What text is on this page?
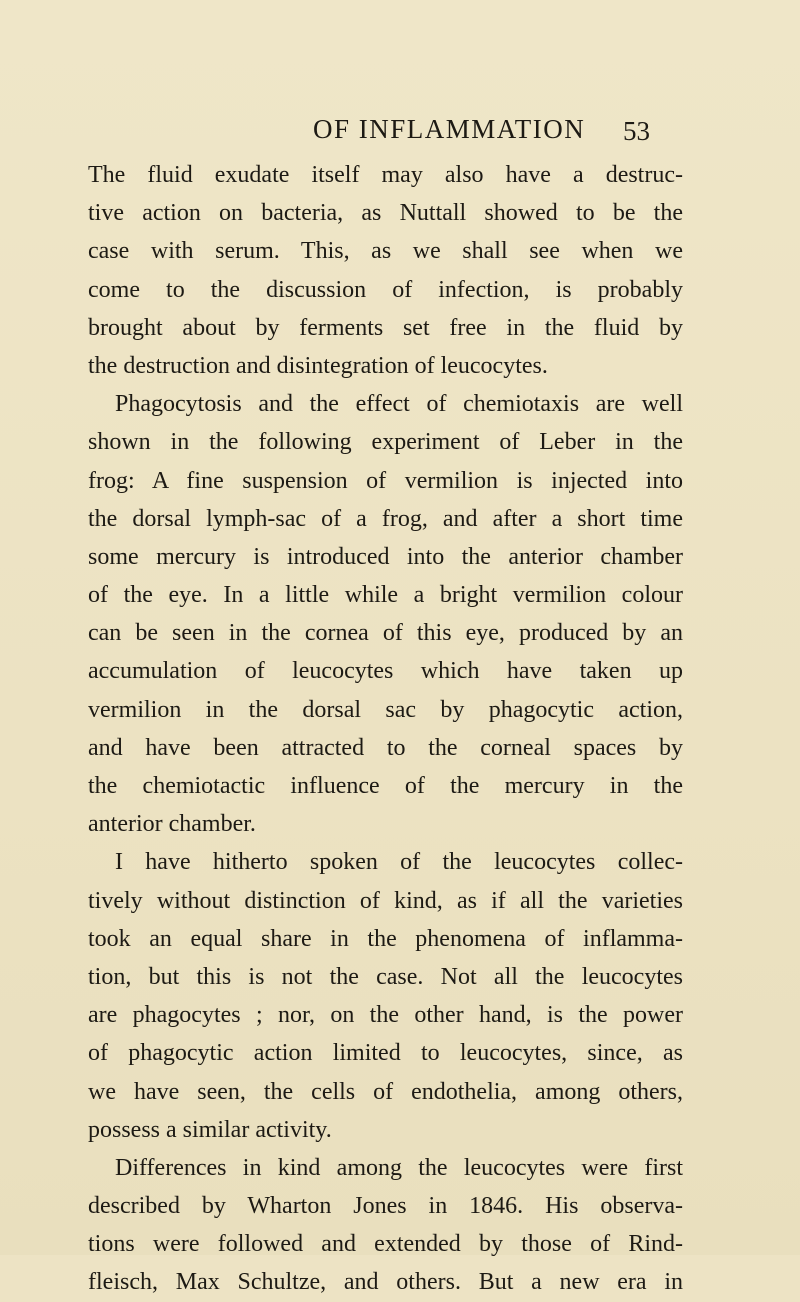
OF INFLAMMATION 53
The fluid exudate itself may also have a destruc-
tive action on bacteria, as Nuttall showed to be the
case with serum. This, as we shall see when we
come to the discussion of infection, is probably
brought about by ferments set free in the fluid by
the destruction and disintegration of leucocytes.
Phagocytosis and the effect of chemiotaxis are well
shown in the following experiment of Leber in the
frog: A fine suspension of vermilion is injected into
the dorsal lymph-sac of a frog, and after a short time
some mercury is introduced into the anterior chamber
of the eye. In a little while a bright vermilion colour
can be seen in the cornea of this eye, produced by an
accumulation of leucocytes which have taken up
vermilion in the dorsal sac by phagocytic action,
and have been attracted to the corneal spaces by
the chemiotactic influence of the mercury in the
anterior chamber.
I have hitherto spoken of the leucocytes collec-
tively without distinction of kind, as if all the varieties
took an equal share in the phenomena of inflamma-
tion, but this is not the case. Not all the leucocytes
are phagocytes ; nor, on the other hand, is the power
of phagocytic action limited to leucocytes, since, as
we have seen, the cells of endothelia, among others,
possess a similar activity.
Differences in kind among the leucocytes were first
described by Wharton Jones in 1846. His observa-
tions were followed and extended by those of Rind-
fleisch, Max Schultze, and others. But a new era in
